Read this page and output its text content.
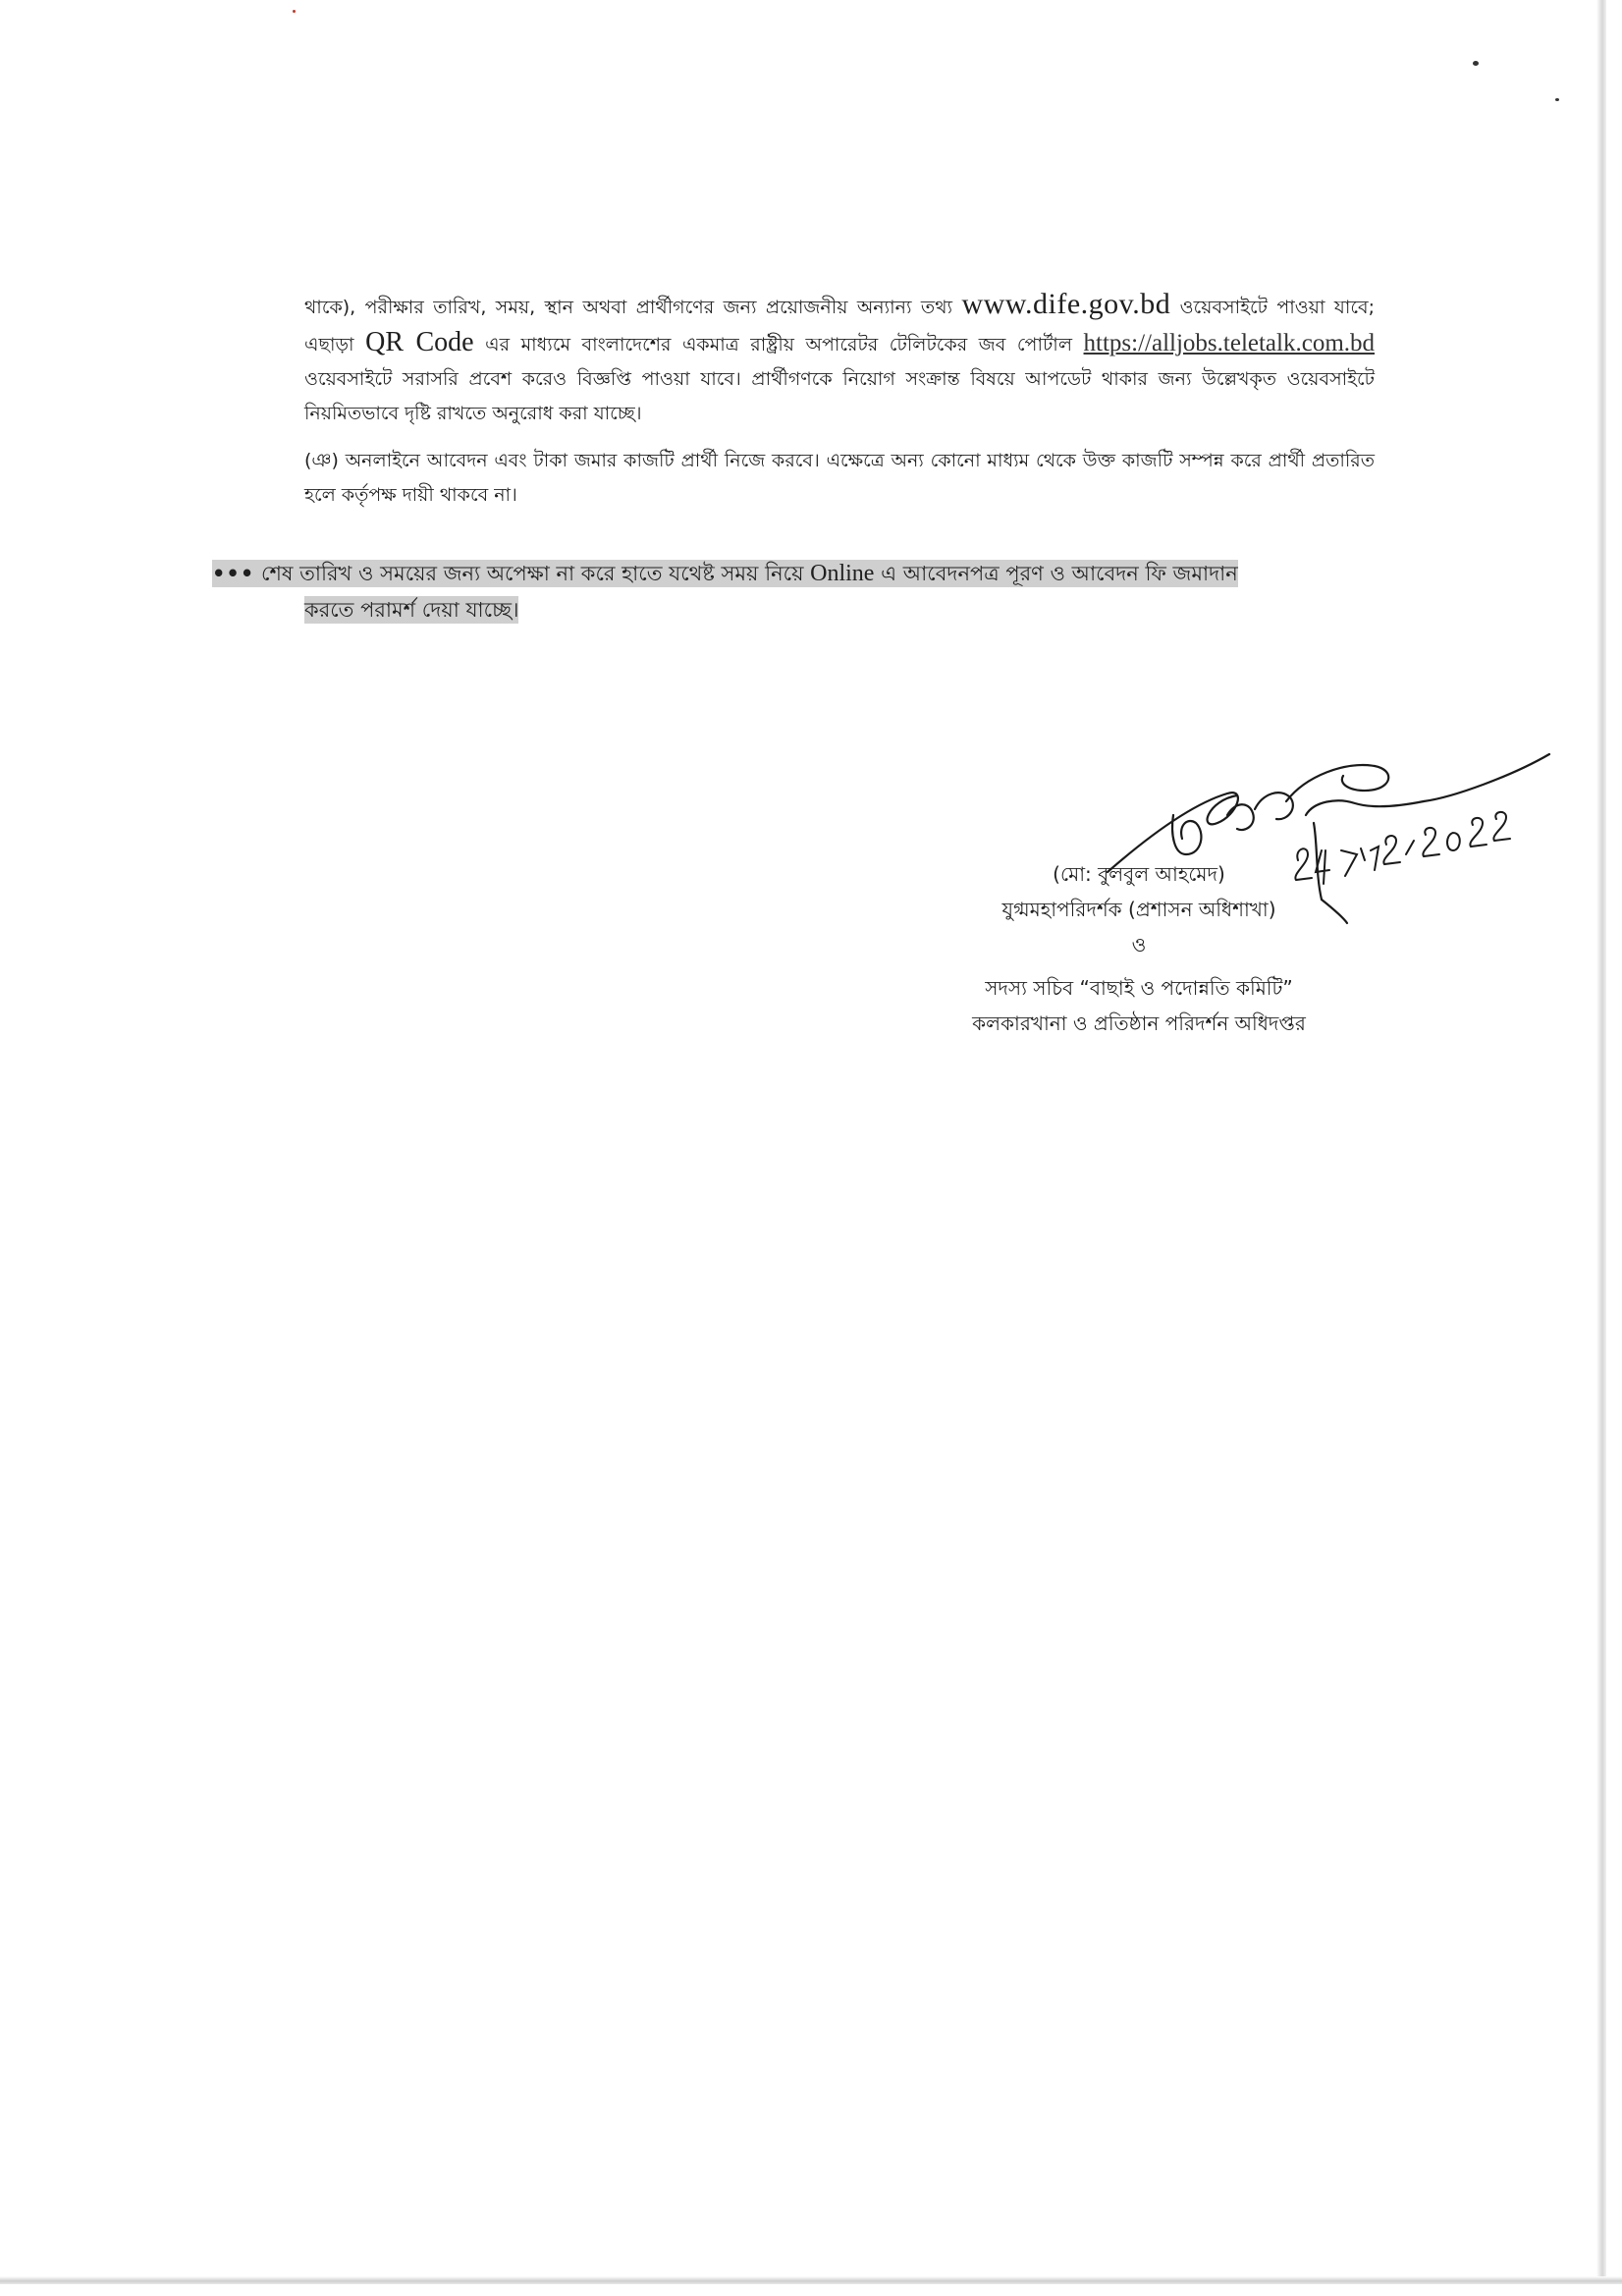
থাকে), পরীক্ষার তারিখ, সময়, স্থান অথবা প্রার্থীগণের জন্য প্রয়োজনীয় অন্যান্য তথ্য www.dife.gov.bd ওয়েবসাইটে পাওয়া যাবে; এছাড়া QR Code এর মাধ্যমে বাংলাদেশের একমাত্র রাষ্ট্রীয় অপারেটর টেলিটকের জব পোর্টাল https://alljobs.teletalk.com.bd ওয়েবসাইটে সরাসরি প্রবেশ করেও বিজ্ঞপ্তি পাওয়া যাবে। প্রার্থীগণকে নিয়োগ সংক্রান্ত বিষয়ে আপডেট থাকার জন্য উল্লেখকৃত ওয়েবসাইটে নিয়মিতভাবে দৃষ্টি রাখতে অনুরোধ করা যাচ্ছে।
(ঞ) অনলাইনে আবেদন এবং টাকা জমার কাজটি প্রার্থী নিজে করবে। এক্ষেত্রে অন্য কোনো মাধ্যম থেকে উক্ত কাজটি সম্পন্ন করে প্রার্থী প্রতারিত হলে কর্তৃপক্ষ দায়ী থাকবে না।
••• শেষ তারিখ ও সময়ের জন্য অপেক্ষা না করে হাতে যথেষ্ট সময় নিয়ে Online এ আবেদনপত্র পূরণ ও আবেদন ফি জমাদান
করতে পরামর্শ দেয়া যাচ্ছে।
(মো: বুলবুল আহমেদ)
যুগ্মমহাপরিদর্শক (প্রশাসন অধিশাখা)
ও
সদস্য সচিব “বাছাই ও পদোন্নতি কমিটি”
কলকারখানা ও প্রতিষ্ঠান পরিদর্শন অধিদপ্তর
